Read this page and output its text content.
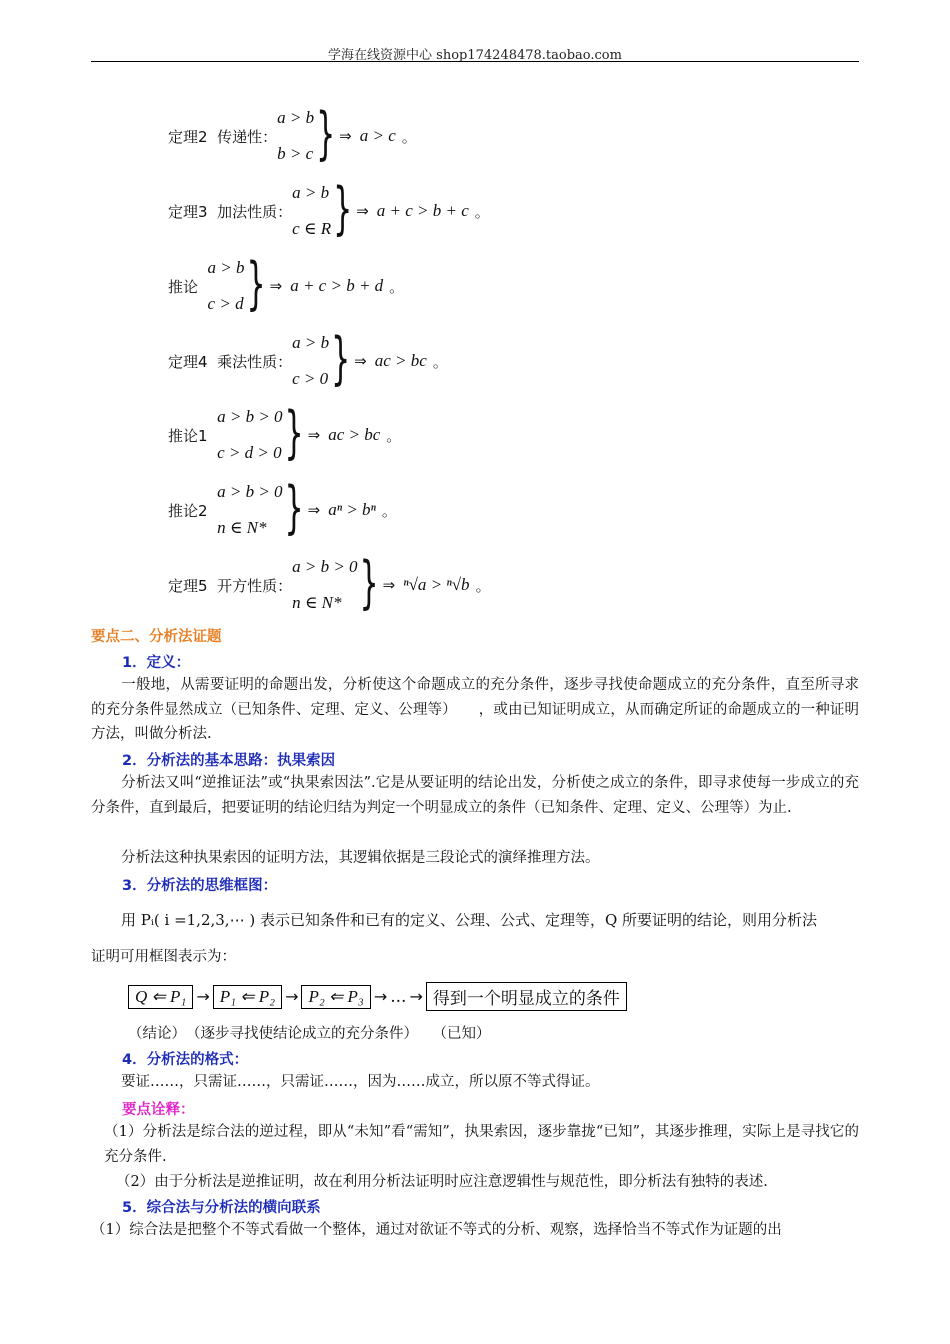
学海在线资源中心 shop174248478.taobao.com
定理2  传递性：
a > b
b > c } ⇒ a > c 。
定理3  加法性质：
a > b
c ∈ R } ⇒ a + c > b + c 。
推论
a > b
c > d } ⇒ a + c > b + d 。
定理4  乘法性质：
a > b
c > 0 } ⇒ ac > bc 。
推论1
a > b > 0
c > d > 0 } ⇒ ac > bc 。
推论2
a > b > 0
n ∈ N* } ⇒ aⁿ > bⁿ 。
定理5  开方性质：
a > b > 0
n ∈ N* } ⇒ ⁿ√a > ⁿ√b 。
要点二、分析法证题
1．定义：
一般地，从需要证明的命题出发，分析使这个命题成立的充分条件，逐步寻找使命题成立的充分条件，直至所寻求的充分条件显然成立（已知条件、定理、定义、公理等）　　，或由已知证明成立，从而确定所证的命题成立的一种证明方法，叫做分析法.
2．分析法的基本思路：执果索因
分析法又叫“逆推证法”或“执果索因法”.它是从要证明的结论出发，分析使之成立的条件，即寻求使每一步成立的充分条件，直到最后，把要证明的结论归结为判定一个明显成立的条件（已知条件、定理、定义、公理等）为止.
分析法这种执果索因的证明方法，其逻辑依据是三段论式的演绎推理方法。
3．分析法的思维框图：
用 Pᵢ( i =1,2,3,⋯ ) 表示已知条件和已有的定义、公理、公式、定理等，Q 所要证明的结论，则用分析法
证明可用框图表示为：
Q ⇐ P₁ → P₁ ⇐ P₂ → P₂ ⇐ P₃ → ... → 得到一个明显成立的条件
（结论）　（逐步寻找使结论成立的充分条件）　　（已知）
4．分析法的格式：
要证……，只需证……，只需证……，因为……成立，所以原不等式得证。
要点诠释：
（1）分析法是综合法的逆过程，即从“未知”看“需知”，执果索因，逐步靠拢“已知”，其逐步推理，实际上是寻找它的充分条件.
（2）由于分析法是逆推证明，故在利用分析法证明时应注意逻辑性与规范性，即分析法有独特的表述.
5．综合法与分析法的横向联系
（1）综合法是把整个不等式看做一个整体，通过对欲证不等式的分析、观察，选择恰当不等式作为证题的出
